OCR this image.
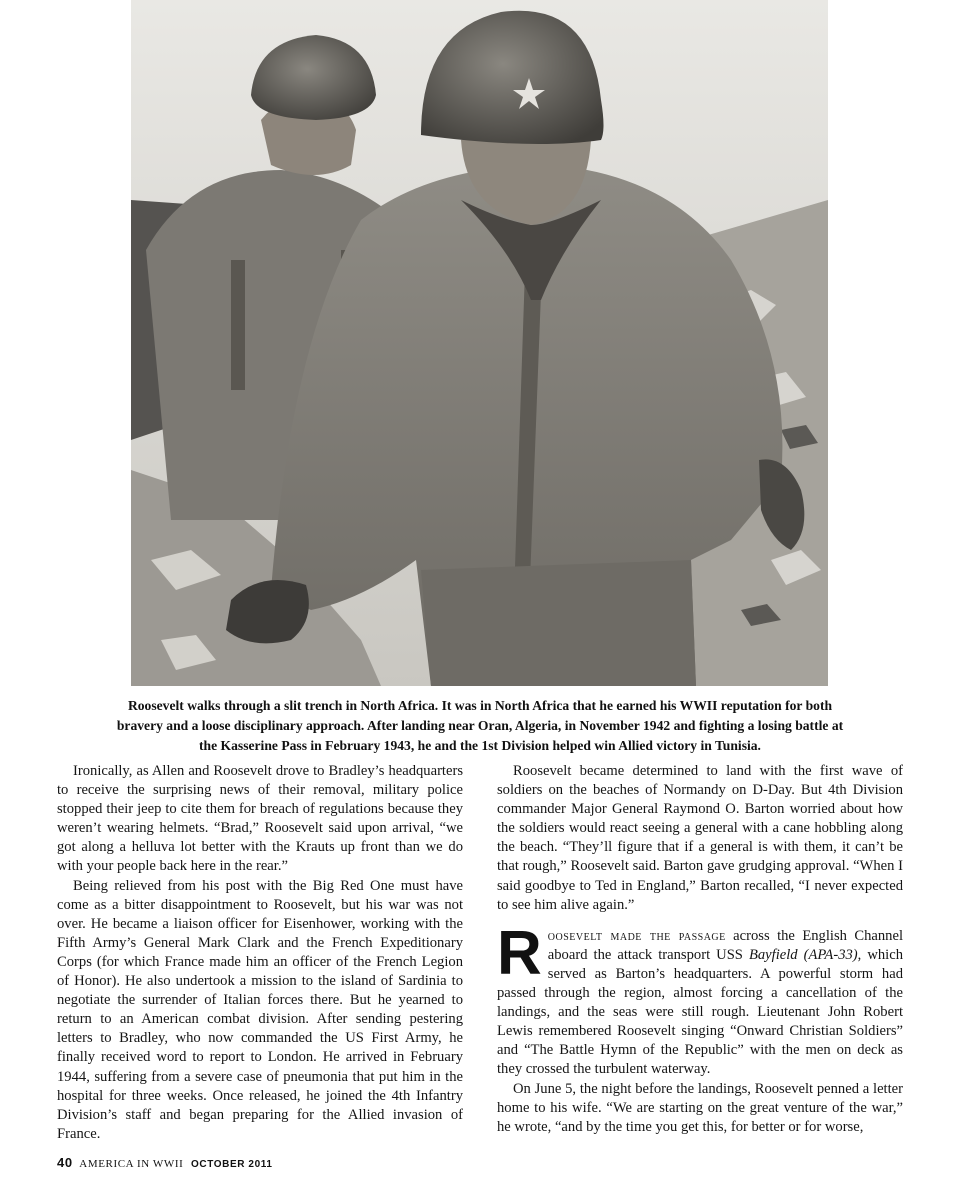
Roosevelt walks through a slit trench in North Africa. It was in North Africa that he earned his WWII reputation for both bravery and a loose disciplinary approach. After landing near Oran, Algeria, in November 1942 and fighting a losing battle at the Kasserine Pass in February 1943, he and the 1st Division helped win Allied victory in Tunisia.

Ironically, as Allen and Roosevelt drove to Bradley’s headquarters to receive the surprising news of their removal, military police stopped their jeep to cite them for breach of regulations because they weren’t wearing helmets. “Brad,” Roosevelt said upon arrival, “we got along a helluva lot better with the Krauts up front than we do with your people back here in the rear.”

Being relieved from his post with the Big Red One must have come as a bitter disappointment to Roosevelt, but his war was not over. He became a liaison officer for Eisenhower, working with the Fifth Army’s General Mark Clark and the French Expeditionary Corps (for which France made him an officer of the French Legion of Honor). He also undertook a mission to the island of Sardinia to negotiate the surrender of Italian forces there. But he yearned to return to an American combat division. After sending pestering letters to Bradley, who now commanded the US First Army, he finally received word to report to London. He arrived in February 1944, suffering from a severe case of pneumonia that put him in the hospital for three weeks. Once released, he joined the 4th Infantry Division’s staff and began preparing for the Allied invasion of France.

Roosevelt became determined to land with the first wave of soldiers on the beaches of Normandy on D-Day. But 4th Division commander Major General Raymond O. Barton worried about how the soldiers would react seeing a general with a cane hobbling along the beach. “They’ll figure that if a general is with them, it can’t be that rough,” Roosevelt said. Barton gave grudging approval. “When I said goodbye to Ted in England,” Barton recalled, “I never expected to see him alive again.”

Roosevelt made the passage across the English Channel aboard the attack transport USS Bayfield (APA-33), which served as Barton’s headquarters. A powerful storm had passed through the region, almost forcing a cancellation of the landings, and the seas were still rough. Lieutenant John Robert Lewis remembered Roosevelt singing “Onward Christian Soldiers” and “The Battle Hymn of the Republic” with the men on deck as they crossed the turbulent waterway.

On June 5, the night before the landings, Roosevelt penned a letter home to his wife. “We are starting on the great venture of the war,” he wrote, “and by the time you get this, for better or for worse,

40 AMERICA IN WWII OCTOBER 2011
